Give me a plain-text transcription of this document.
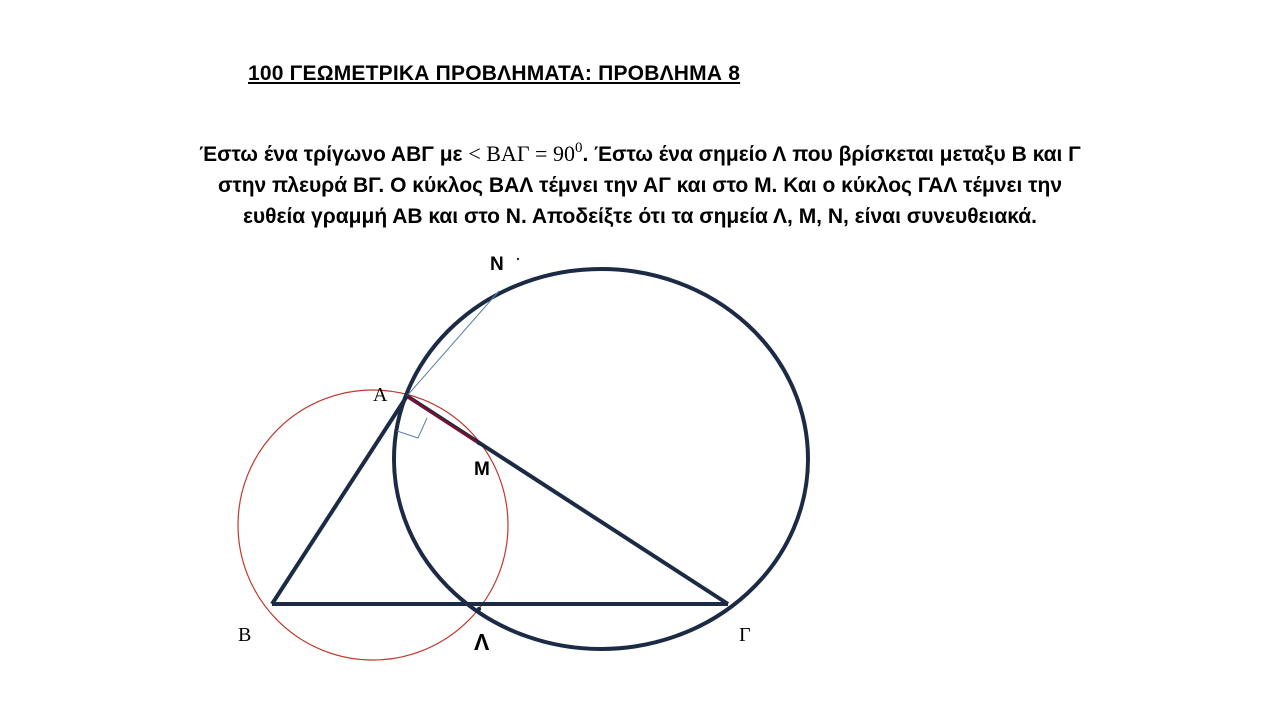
100 ΓΕΩΜΕΤΡΙΚΑ ΠΡΟΒΛΗΜΑΤΑ: ΠΡΟΒΛΗΜΑ 8
Έστω ένα τρίγωνο ΑΒΓ $\mu\varepsilon < BA\Gamma = 90^0$. Έστω ένα σημείο Λ που βρίσκεται μεταξυ Β και Γ
στην πλευρά ΒΓ. Ο κύκλος ΒΑΛ τέμνει την ΑΓ και στο Μ. Και ο κύκλος ΓΑΛ τέμνει την
ευθεία γραμμή ΑΒ και στο Ν. Αποδείξτε ότι τα σημεία Λ, Μ, Ν, είναι συνευθειακά.
Α
Β	Γ
Λ
Μ
N
